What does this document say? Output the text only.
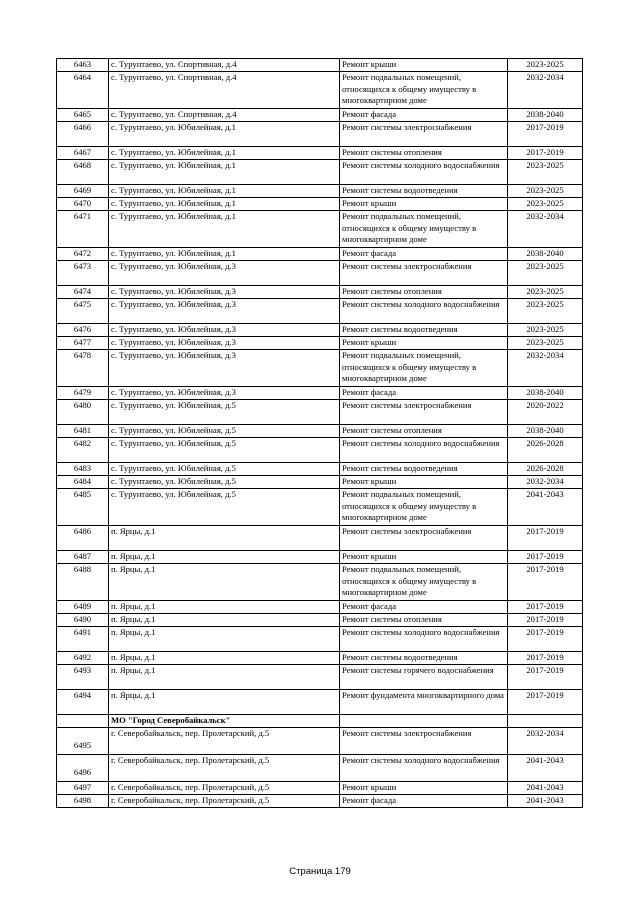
6463	с. Турунтаево, ул. Спортивная, д.4	Ремонт крыши	2023-2025
6464	с. Турунтаево, ул. Спортивная, д.4	Ремонт подвальных помещений, относящихся к общему имуществу в многоквартирном доме	2032-2034
6465	с. Турунтаево, ул. Спортивная, д.4	Ремонт фасада	2038-2040
6466	с. Турунтаево, ул. Юбилейная, д.1	Ремонт системы электроснабжения	2017-2019
6467	с. Турунтаево, ул. Юбилейная, д.1	Ремонт системы отопления	2017-2019
6468	с. Турунтаево, ул. Юбилейная, д.1	Ремонт системы холодного водоснабжения	2023-2025
6469	с. Турунтаево, ул. Юбилейная, д.1	Ремонт системы водоотведения	2023-2025
6470	с. Турунтаево, ул. Юбилейная, д.1	Ремонт крыши	2023-2025
6471	с. Турунтаево, ул. Юбилейная, д.1	Ремонт подвальных помещений, относящихся к общему имуществу в многоквартирном доме	2032-2034
6472	с. Турунтаево, ул. Юбилейная, д.1	Ремонт фасада	2038-2040
6473	с. Турунтаево, ул. Юбилейная, д.3	Ремонт системы электроснабжения	2023-2025
6474	с. Турунтаево, ул. Юбилейная, д.3	Ремонт системы отопления	2023-2025
6475	с. Турунтаево, ул. Юбилейная, д.3	Ремонт системы холодного водоснабжения	2023-2025
6476	с. Турунтаево, ул. Юбилейная, д.3	Ремонт системы водоотведения	2023-2025
6477	с. Турунтаево, ул. Юбилейная, д.3	Ремонт крыши	2023-2025
6478	с. Турунтаево, ул. Юбилейная, д.3	Ремонт подвальных помещений, относящихся к общему имуществу в многоквартирном доме	2032-2034
6479	с. Турунтаево, ул. Юбилейная, д.3	Ремонт фасада	2038-2040
6480	с. Турунтаево, ул. Юбилейная, д.5	Ремонт системы электроснабжения	2020-2022
6481	с. Турунтаево, ул. Юбилейная, д.5	Ремонт системы отопления	2038-2040
6482	с. Турунтаево, ул. Юбилейная, д.5	Ремонт системы холодного водоснабжения	2026-2028
6483	с. Турунтаево, ул. Юбилейная, д.5	Ремонт системы водоотведения	2026-2028
6484	с. Турунтаево, ул. Юбилейная, д.5	Ремонт крыши	2032-2034
6485	с. Турунтаево, ул. Юбилейная, д.5	Ремонт подвальных помещений, относящихся к общему имуществу в многоквартирном доме	2041-2043
6486	п. Ярцы, д.1	Ремонт системы электроснабжения	2017-2019
6487	п. Ярцы, д.1	Ремонт крыши	2017-2019
6488	п. Ярцы, д.1	Ремонт подвальных помещений, относящихся к общему имуществу в многоквартирном доме	2017-2019
6489	п. Ярцы, д.1	Ремонт фасада	2017-2019
6490	п. Ярцы, д.1	Ремонт системы отопления	2017-2019
6491	п. Ярцы, д.1	Ремонт системы холодного водоснабжения	2017-2019
6492	п. Ярцы, д.1	Ремонт системы водоотведения	2017-2019
6493	п. Ярцы, д.1	Ремонт системы горячего водоснабжения	2017-2019
6494	п. Ярцы, д.1	Ремонт фундамента многоквартирного дома	2017-2019
	МО "Город Северобайкальск"		
6495	г. Северобайкальск, пер. Пролетарский, д.5	Ремонт системы электроснабжения	2032-2034
6496	г. Северобайкальск, пер. Пролетарский, д.5	Ремонт системы холодного водоснабжения	2041-2043
6497	г. Северобайкальск, пер. Пролетарский, д.5	Ремонт крыши	2041-2043
6498	г. Северобайкальск, пер. Пролетарский, д.5	Ремонт фасада	2041-2043
Страница 179
